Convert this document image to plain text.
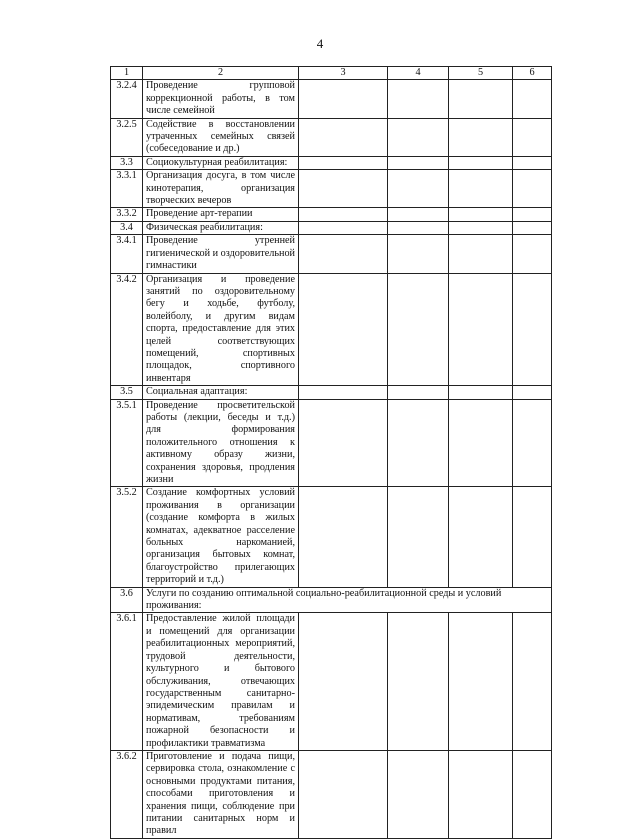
4
1	2	3	4	5	6
3.2.4	Проведение групповой коррекционной работы, в том числе семейной				
3.2.5	Содействие в восстановлении утраченных семейных связей (собеседование и др.)				
3.3	Социокультурная реабилитация:				
3.3.1	Организация досуга, в том числе кинотерапия, организация творческих вечеров				
3.3.2	Проведение арт-терапии				
3.4	Физическая реабилитация:				
3.4.1	Проведение утренней гигиенической и оздоровительной гимнастики				
3.4.2	Организация и проведение занятий по оздоровительному бегу и ходьбе, футболу, волейболу, и другим видам спорта, предоставление для этих целей соответствующих помещений, спортивных площадок, спортивного инвентаря				
3.5	Социальная адаптация:				
3.5.1	Проведение просветительской работы (лекции, беседы и т.д.) для формирования положительного отношения к активному образу жизни, сохранения здоровья, продления жизни				
3.5.2	Создание комфортных условий проживания в организации (создание комфорта в жилых комнатах, адекватное расселение больных наркоманией, организация бытовых комнат, благоустройство прилегающих территорий и т.д.)				
3.6	Услуги по созданию оптимальной социально-реабилитационной среды и условий проживания:				
3.6.1	Предоставление жилой площади и помещений для организации реабилитационных мероприятий, трудовой деятельности, культурного и бытового обслуживания, отвечающих государственным санитарно-эпидемическим правилам и нормативам, требованиям пожарной безопасности и профилактики травматизма				
3.6.2	Приготовление и подача пищи, сервировка стола, ознакомление с основными продуктами питания, способами приготовления и хранения пищи, соблюдение при питании санитарных норм и правил				
